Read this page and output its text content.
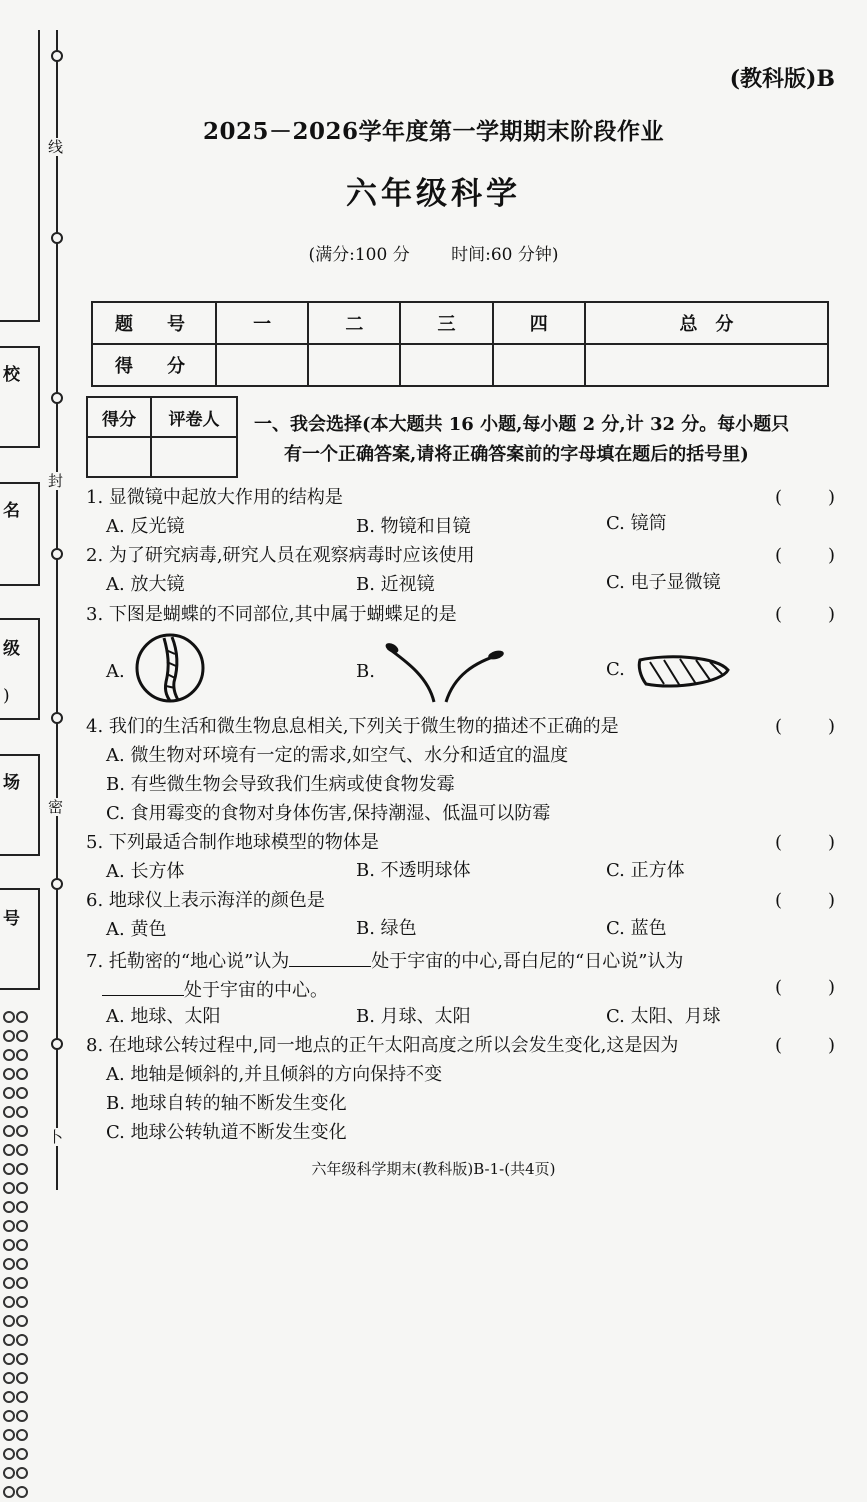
线
封
密
卜
校
名
级
)
场
号
(教科版)B
2025－2026学年度第一学期期末阶段作业
六年级科学
(满分:100 分 时间:60 分钟)
题　号	一	二	三	四	总　分
得　分					
得分	评卷人
	一、我会选择(本大题共 16 小题,每小题 2 分,计 32 分。每小题只
有一个正确答案,请将正确答案前的字母填在题后的括号里)
1. 显微镜中起放大作用的结构是	(	)
A. 反光镜	B. 物镜和目镜	C. 镜筒
2. 为了研究病毒,研究人员在观察病毒时应该使用	(	)
A. 放大镜	B. 近视镜	C. 电子显微镜
3. 下图是蝴蝶的不同部位,其中属于蝴蝶足的是	(	)
A.	B.	C.
4. 我们的生活和微生物息息相关,下列关于微生物的描述不正确的是	(	)
A. 微生物对环境有一定的需求,如空气、水分和适宜的温度
B. 有些微生物会导致我们生病或使食物发霉
C. 食用霉变的食物对身体伤害,保持潮湿、低温可以防霉
5. 下列最适合制作地球模型的物体是	(	)
A. 长方体	B. 不透明球体	C. 正方体
6. 地球仪上表示海洋的颜色是	(	)
A. 黄色	B. 绿色	C. 蓝色
7. 托勒密的“地心说”认为	处于宇宙的中心,哥白尼的“日心说”认为
处于宇宙的中心。	(	)
A. 地球、太阳	B. 月球、太阳	C. 太阳、月球
8. 在地球公转过程中,同一地点的正午太阳高度之所以会发生变化,这是因为	(	)
A. 地轴是倾斜的,并且倾斜的方向保持不变
B. 地球自转的轴不断发生变化
C. 地球公转轨道不断发生变化
六年级科学期末(教科版)B-1-(共4页)
